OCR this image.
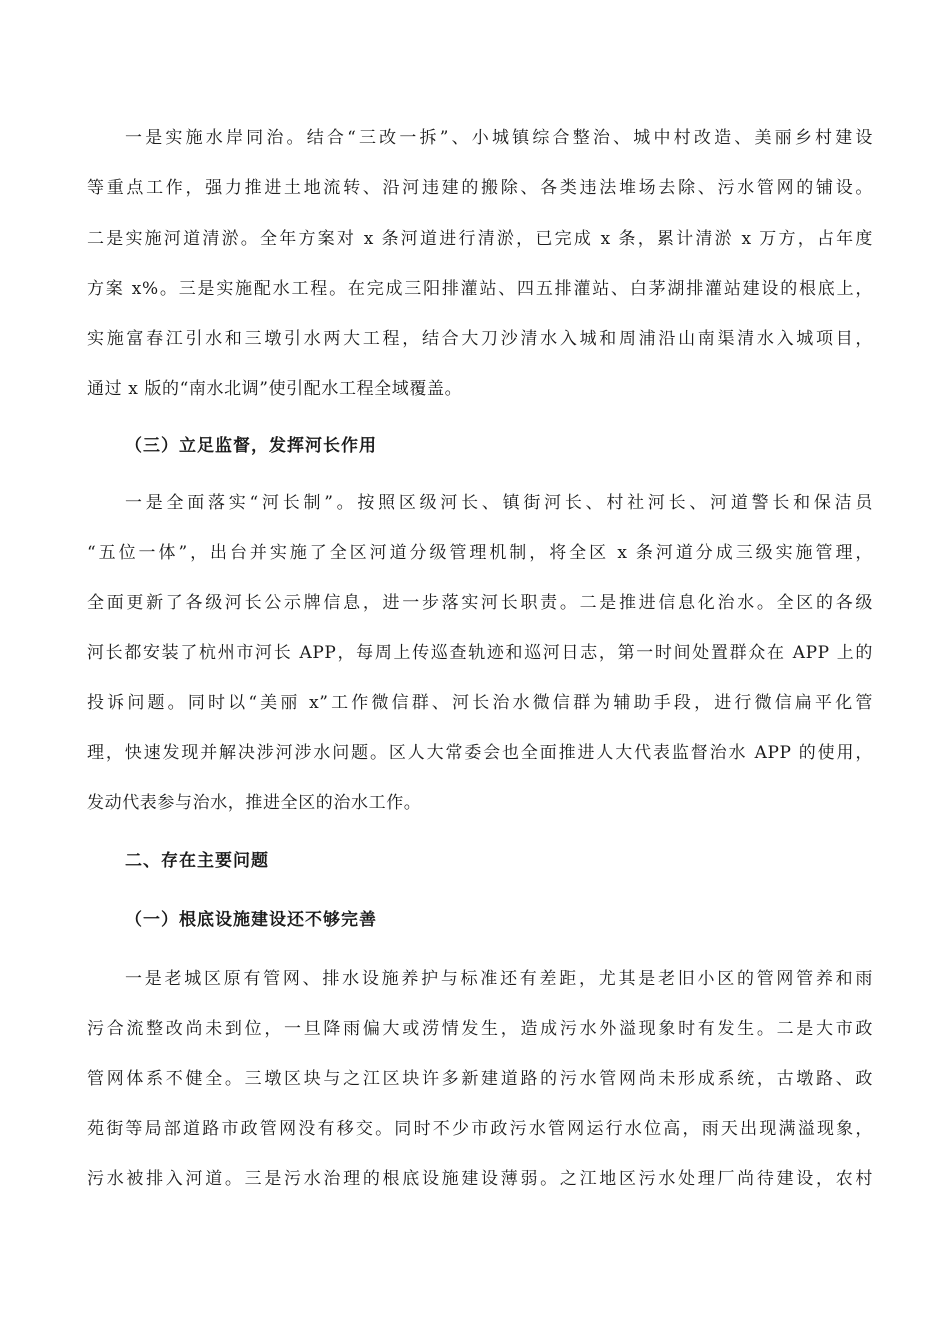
一是实施水岸同治。结合“三改一拆”、小城镇综合整治、城中村改造、美丽乡村建设
等重点工作，强力推进土地流转、沿河违建的搬除、各类违法堆场去除、污水管网的铺设。
二是实施河道清淤。全年方案对 x 条河道进行清淤，已完成 x 条，累计清淤 x 万方，占年度
方案 x%。三是实施配水工程。在完成三阳排灌站、四五排灌站、白茅湖排灌站建设的根底上，
实施富春江引水和三墩引水两大工程，结合大刀沙清水入城和周浦沿山南渠清水入城项目，
通过 x 版的“南水北调”使引配水工程全域覆盖。
（三）立足监督，发挥河长作用
一是全面落实“河长制”。按照区级河长、镇街河长、村社河长、河道警长和保洁员
“五位一体”，出台并实施了全区河道分级管理机制，将全区 x 条河道分成三级实施管理，
全面更新了各级河长公示牌信息，进一步落实河长职责。二是推进信息化治水。全区的各级
河长都安装了杭州市河长 APP，每周上传巡查轨迹和巡河日志，第一时间处置群众在 APP 上的
投诉问题。同时以“美丽 x”工作微信群、河长治水微信群为辅助手段，进行微信扁平化管
理，快速发现并解决涉河涉水问题。区人大常委会也全面推进人大代表监督治水 APP 的使用，
发动代表参与治水，推进全区的治水工作。
二、存在主要问题
（一）根底设施建设还不够完善
一是老城区原有管网、排水设施养护与标准还有差距，尤其是老旧小区的管网管养和雨
污合流整改尚未到位，一旦降雨偏大或涝情发生，造成污水外溢现象时有发生。二是大市政
管网体系不健全。三墩区块与之江区块许多新建道路的污水管网尚未形成系统，古墩路、政
苑街等局部道路市政管网没有移交。同时不少市政污水管网运行水位高，雨天出现满溢现象，
污水被排入河道。三是污水治理的根底设施建设薄弱。之江地区污水处理厂尚待建设，农村
